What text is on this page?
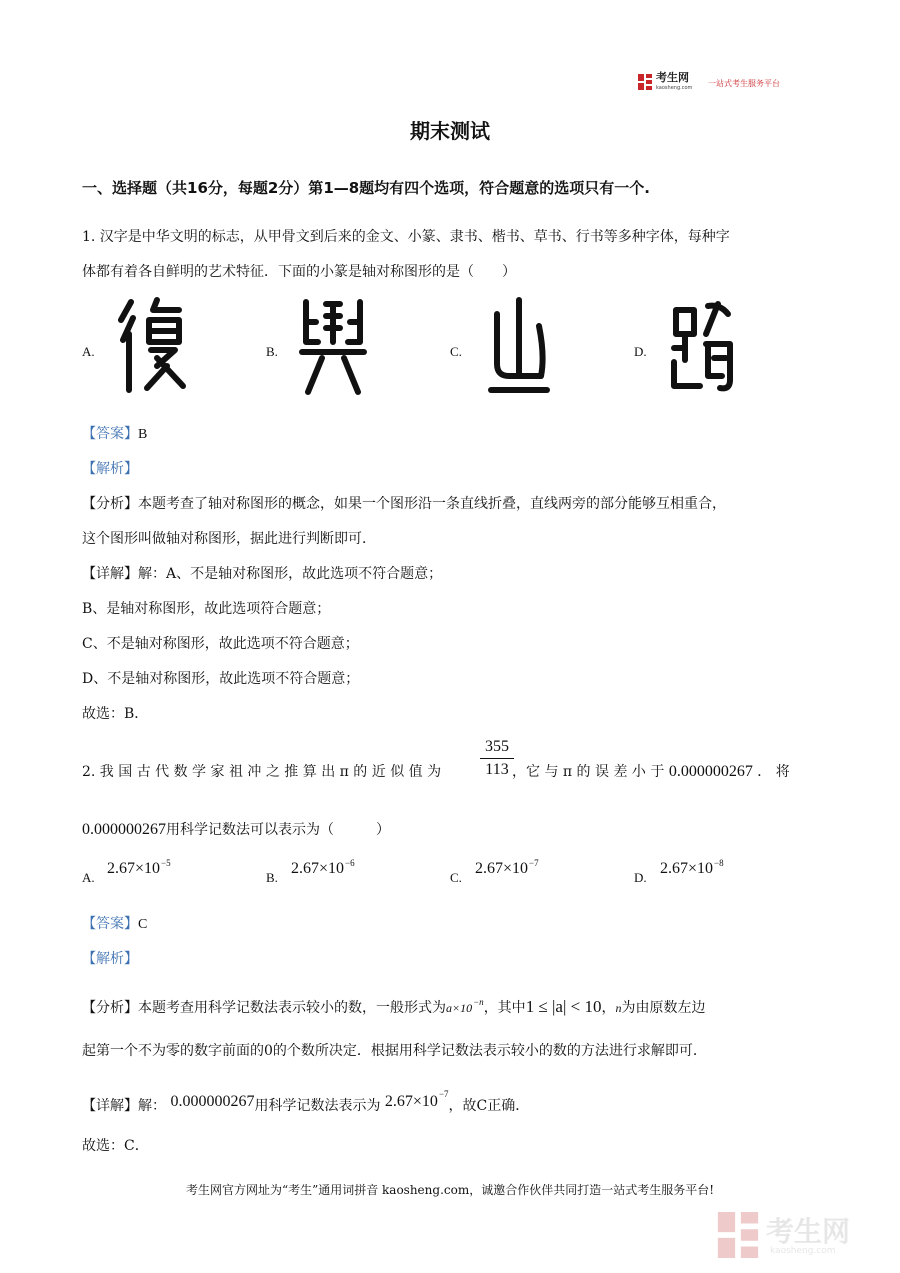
考生网
kaosheng.com 一站式考生服务平台
期末测试
一、选择题（共16分，每题2分）第1—8题均有四个选项，符合题意的选项只有一个.
1. 汉字是中华文明的标志，从甲骨文到后来的金文、小篆、隶书、楷书、草书、行书等多种字体，每种字
体都有着各自鲜明的艺术特征．下面的小篆是轴对称图形的是（　　）
A.	B.	C.	D.
【答案】B
【解析】
【分析】本题考查了轴对称图形的概念，如果一个图形沿一条直线折叠，直线两旁的部分能够互相重合，
这个图形叫做轴对称图形，据此进行判断即可．
【详解】解：A、不是轴对称图形，故此选项不符合题意；
B、是轴对称图形，故此选项符合题意；
C、不是轴对称图形，故此选项不符合题意；
D、不是轴对称图形，故此选项不符合题意；
故选：B．
2. 我 国 古 代 数 学 家 祖 冲 之 推 算 出 π 的 近 似 值 为
355
113 ，它 与 π 的 误 差 小 于 0.000000267 ． 将
0.000000267用科学记数法可以表示为（　　　）
A.
$2.67\times 10^{-5}$
B.
$2.67\times 10^{-6}$
C.
$2.67\times 10^{-7}$
D.
$2.67\times 10^{-8}$
【答案】C
【解析】
【分析】本题考查用科学记数法表示较小的数，一般形式为$a\times 10^{-n}$，其中1 ≤ |a| < 10，n为由原数左边
起第一个不为零的数字前面的0的个数所决定．根据用科学记数法表示较小的数的方法进行求解即可．
【详解】解： 0.000000267用科学记数法表示为 $2.67\times 10^{-7}$，故C正确．
故选：C．
考生网官方网址为“考生”通用词拼音 kaosheng.com，诚邀合作伙伴共同打造一站式考生服务平台!
考生网
kaosheng.com
